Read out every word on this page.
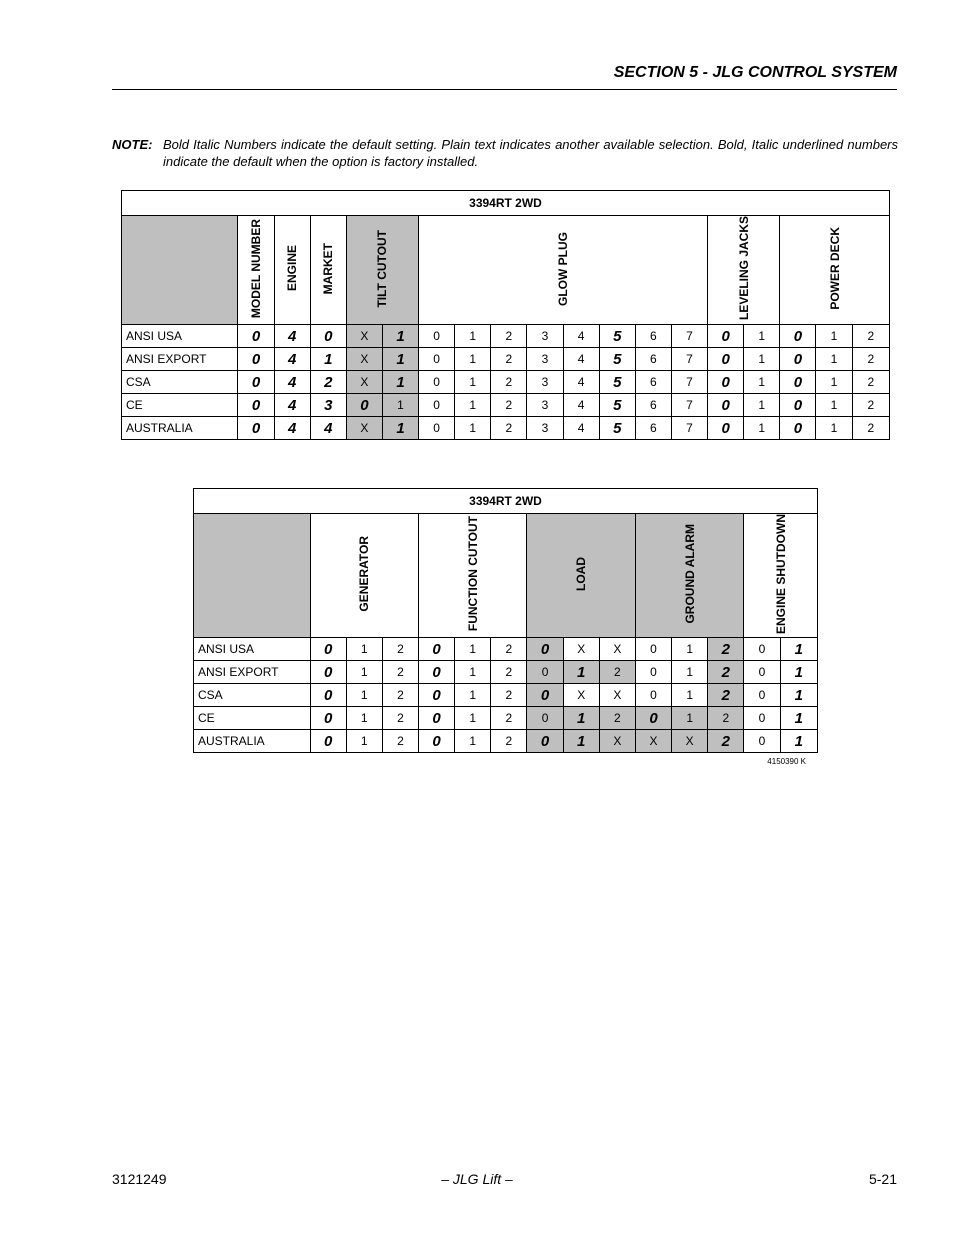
SECTION 5 - JLG CONTROL SYSTEM
NOTE: Bold Italic Numbers indicate the default setting. Plain text indicates another available selection. Bold, Italic underlined numbers indicate the default when the option is factory installed.
3394RT 2WD																		
	MODEL NUMBER	ENGINE	MARKET	TILT CUTOUT		GLOW PLUG								LEVELING JACKS		POWER DECK		
ANSI USA	0	4	0	X	1	0	1	2	3	4	5	6	7	0	1	0	1	2
ANSI EXPORT	0	4	1	X	1	0	1	2	3	4	5	6	7	0	1	0	1	2
CSA	0	4	2	X	1	0	1	2	3	4	5	6	7	0	1	0	1	2
CE	0	4	3	0	1	0	1	2	3	4	5	6	7	0	1	0	1	2
AUSTRALIA	0	4	4	X	1	0	1	2	3	4	5	6	7	0	1	0	1	2
3394RT 2WD														
	GENERATOR			FUNCTION CUTOUT			LOAD			GROUND ALARM			ENGINE SHUTDOWN	
ANSI USA	0	1	2	0	1	2	0	X	X	0	1	2	0	1
ANSI EXPORT	0	1	2	0	1	2	0	1	2	0	1	2	0	1
CSA	0	1	2	0	1	2	0	X	X	0	1	2	0	1
CE	0	1	2	0	1	2	0	1	2	0	1	2	0	1
AUSTRALIA	0	1	2	0	1	2	0	1	X	X	X	2	0	1
4150390 K
3121249	– JLG Lift –	5-21
